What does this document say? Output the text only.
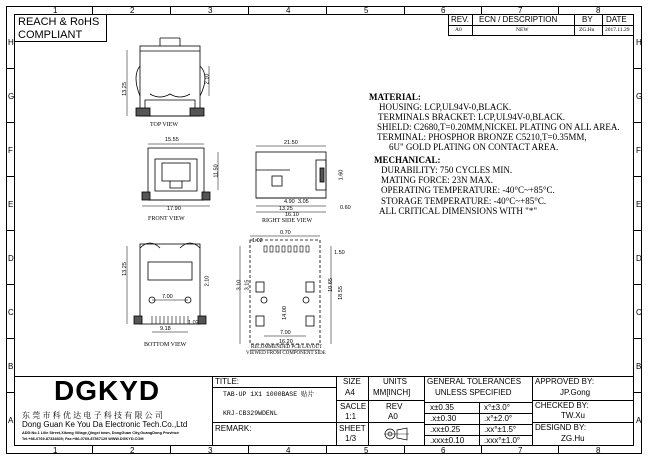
1	2	3	4	5	6	7	8
1	2	3	4	5	6	7	8
H
G
F
E
D
C
B
A
H
G
F
E
D
C
B
A
REACH & RoHS
COMPLIANT
REV. ECN / DESCRIPTION	BY DATE
A0	NEW	ZG.Hu 2017.11.29
TOP VIEW
FRONT VIEW	RIGHT SIDE VIEW
BOTTOM VIEW	RECOMMENDED PCB LAYOUT
VIEWED FROM COMPONENT SIDE
13.25
2.10
15.55
11.50
17.90
21.50
1.60
4.90 3.05
13.25
16.10
0.60
13.25
2.10
7.00
9.18
1.02
0.70
1.02
1.50
3.10 3.15	10.65
18.55
14.00
7.00
16.20
MATERIAL:
HOUSING: LCP,UL94V-0,BLACK.
TERMINALS BRACKET: LCP,UL94V-0,BLACK.
SHIELD: C2680,T=0.20MM,NICKEL PLATING ON ALL AREA.
TERMINAL: PHOSPHOR BRONZE C5210,T=0.35MM,
6U" GOLD PLATING ON CONTACT AREA.
MECHANICAL:
DURABILITY: 750 CYCLES MIN.
MATING FORCE: 23N MAX.
OPERATING TEMPERATURE: -40°C~+85°C.
STORAGE TEMPERATURE: -40°C~+85°C.
ALL CRITICAL DIMENSIONS WITH "*"
DGKYD
东 莞 市 科 优 达 电 子 科 技 有 限 公 司
Dong Guan Ke You Da Electronic Tech.Co.,Ltd
ADD:No.1 Lilie Street,Xikeng Village,Qingxi town, DongGuan City,GuangDong Province
Tel:+86-0769-87334605; Fax:+86-0769-87567129 WWW.DGKYD.COM
TITLE:
TAB-UP 1X1 1000BASE 贴片
KRJ-CB329WDENL
REMARK:
SIZE
A4
SACLE
1:1
SHEET
1/3
UNITS
MM[INCH]
REV
A0
GENERAL TOLERANCES
UNLESS SPECIFIED
x±0.35	x°±3.0°
.x±0.30	.x°±2.0°
.xx±0.25	.xx°±1.5°
.xxx±0.10 .xxx°±1.0°
APPROVED BY:
JP.Gong
CHECKED BY:
TW.Xu
DESIGND BY:
ZG.Hu
